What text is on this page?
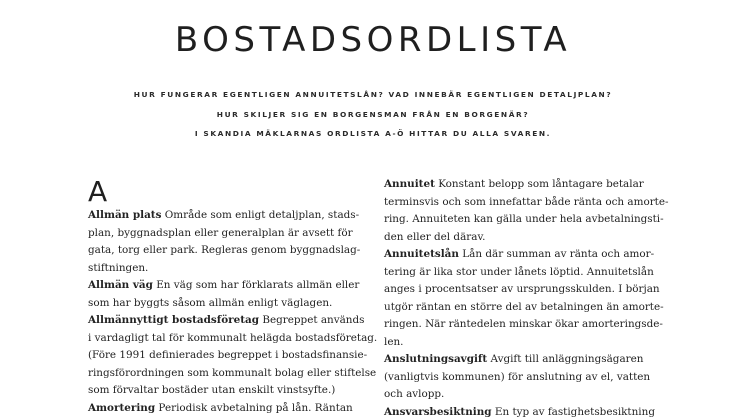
BOSTADSORDLISTA
HUR FUNGERAR EGENTLIGEN ANNUITETSLÅN? VAD INNEBÄR EGENTLIGEN DETALJPLAN?
HUR SKILJER SIG EN BORGENSMAN FRÅN EN BORGENÄR?
I SKANDIA MÄKLARNAS ORDLISTA A-Ö HITTAR DU ALLA SVAREN.
A
Allmän plats Område som enligt detaljplan, stads-
plan, byggnadsplan eller generalplan är avsett för
gata, torg eller park. Regleras genom byggnadslag-
stiftningen.
Allmän väg En väg som har förklarats allmän eller
som har byggts såsom allmän enligt väglagen.
Allmännyttigt bostadsföretag Begreppet används
i vardagligt tal för kommunalt helägda bostadsföretag.
(Före 1991 definierades begreppet i bostadsfinansie-
ringsförordningen som kommunalt bolag eller stiftelse
som förvaltar bostäder utan enskilt vinstsyfte.)
Amortering Periodisk avbetalning på lån. Räntan
Annuitet Konstant belopp som låntagare betalar
terminsvis och som innefattar både ränta och amorte-
ring. Annuiteten kan gälla under hela avbetalningsti-
den eller del därav.
Annuitetslån Lån där summan av ränta och amor-
tering är lika stor under lånets löptid. Annuitetslån
anges i procentsatser av ursprungsskulden. I början
utgör räntan en större del av betalningen än amorte-
ringen. När räntedelen minskar ökar amorteringsde-
len.
Anslutningsavgift Avgift till anläggningsägaren
(vanligtvis kommunen) för anslutning av el, vatten
och avlopp.
Ansvarsbesiktning En typ av fastighetsbesiktning
